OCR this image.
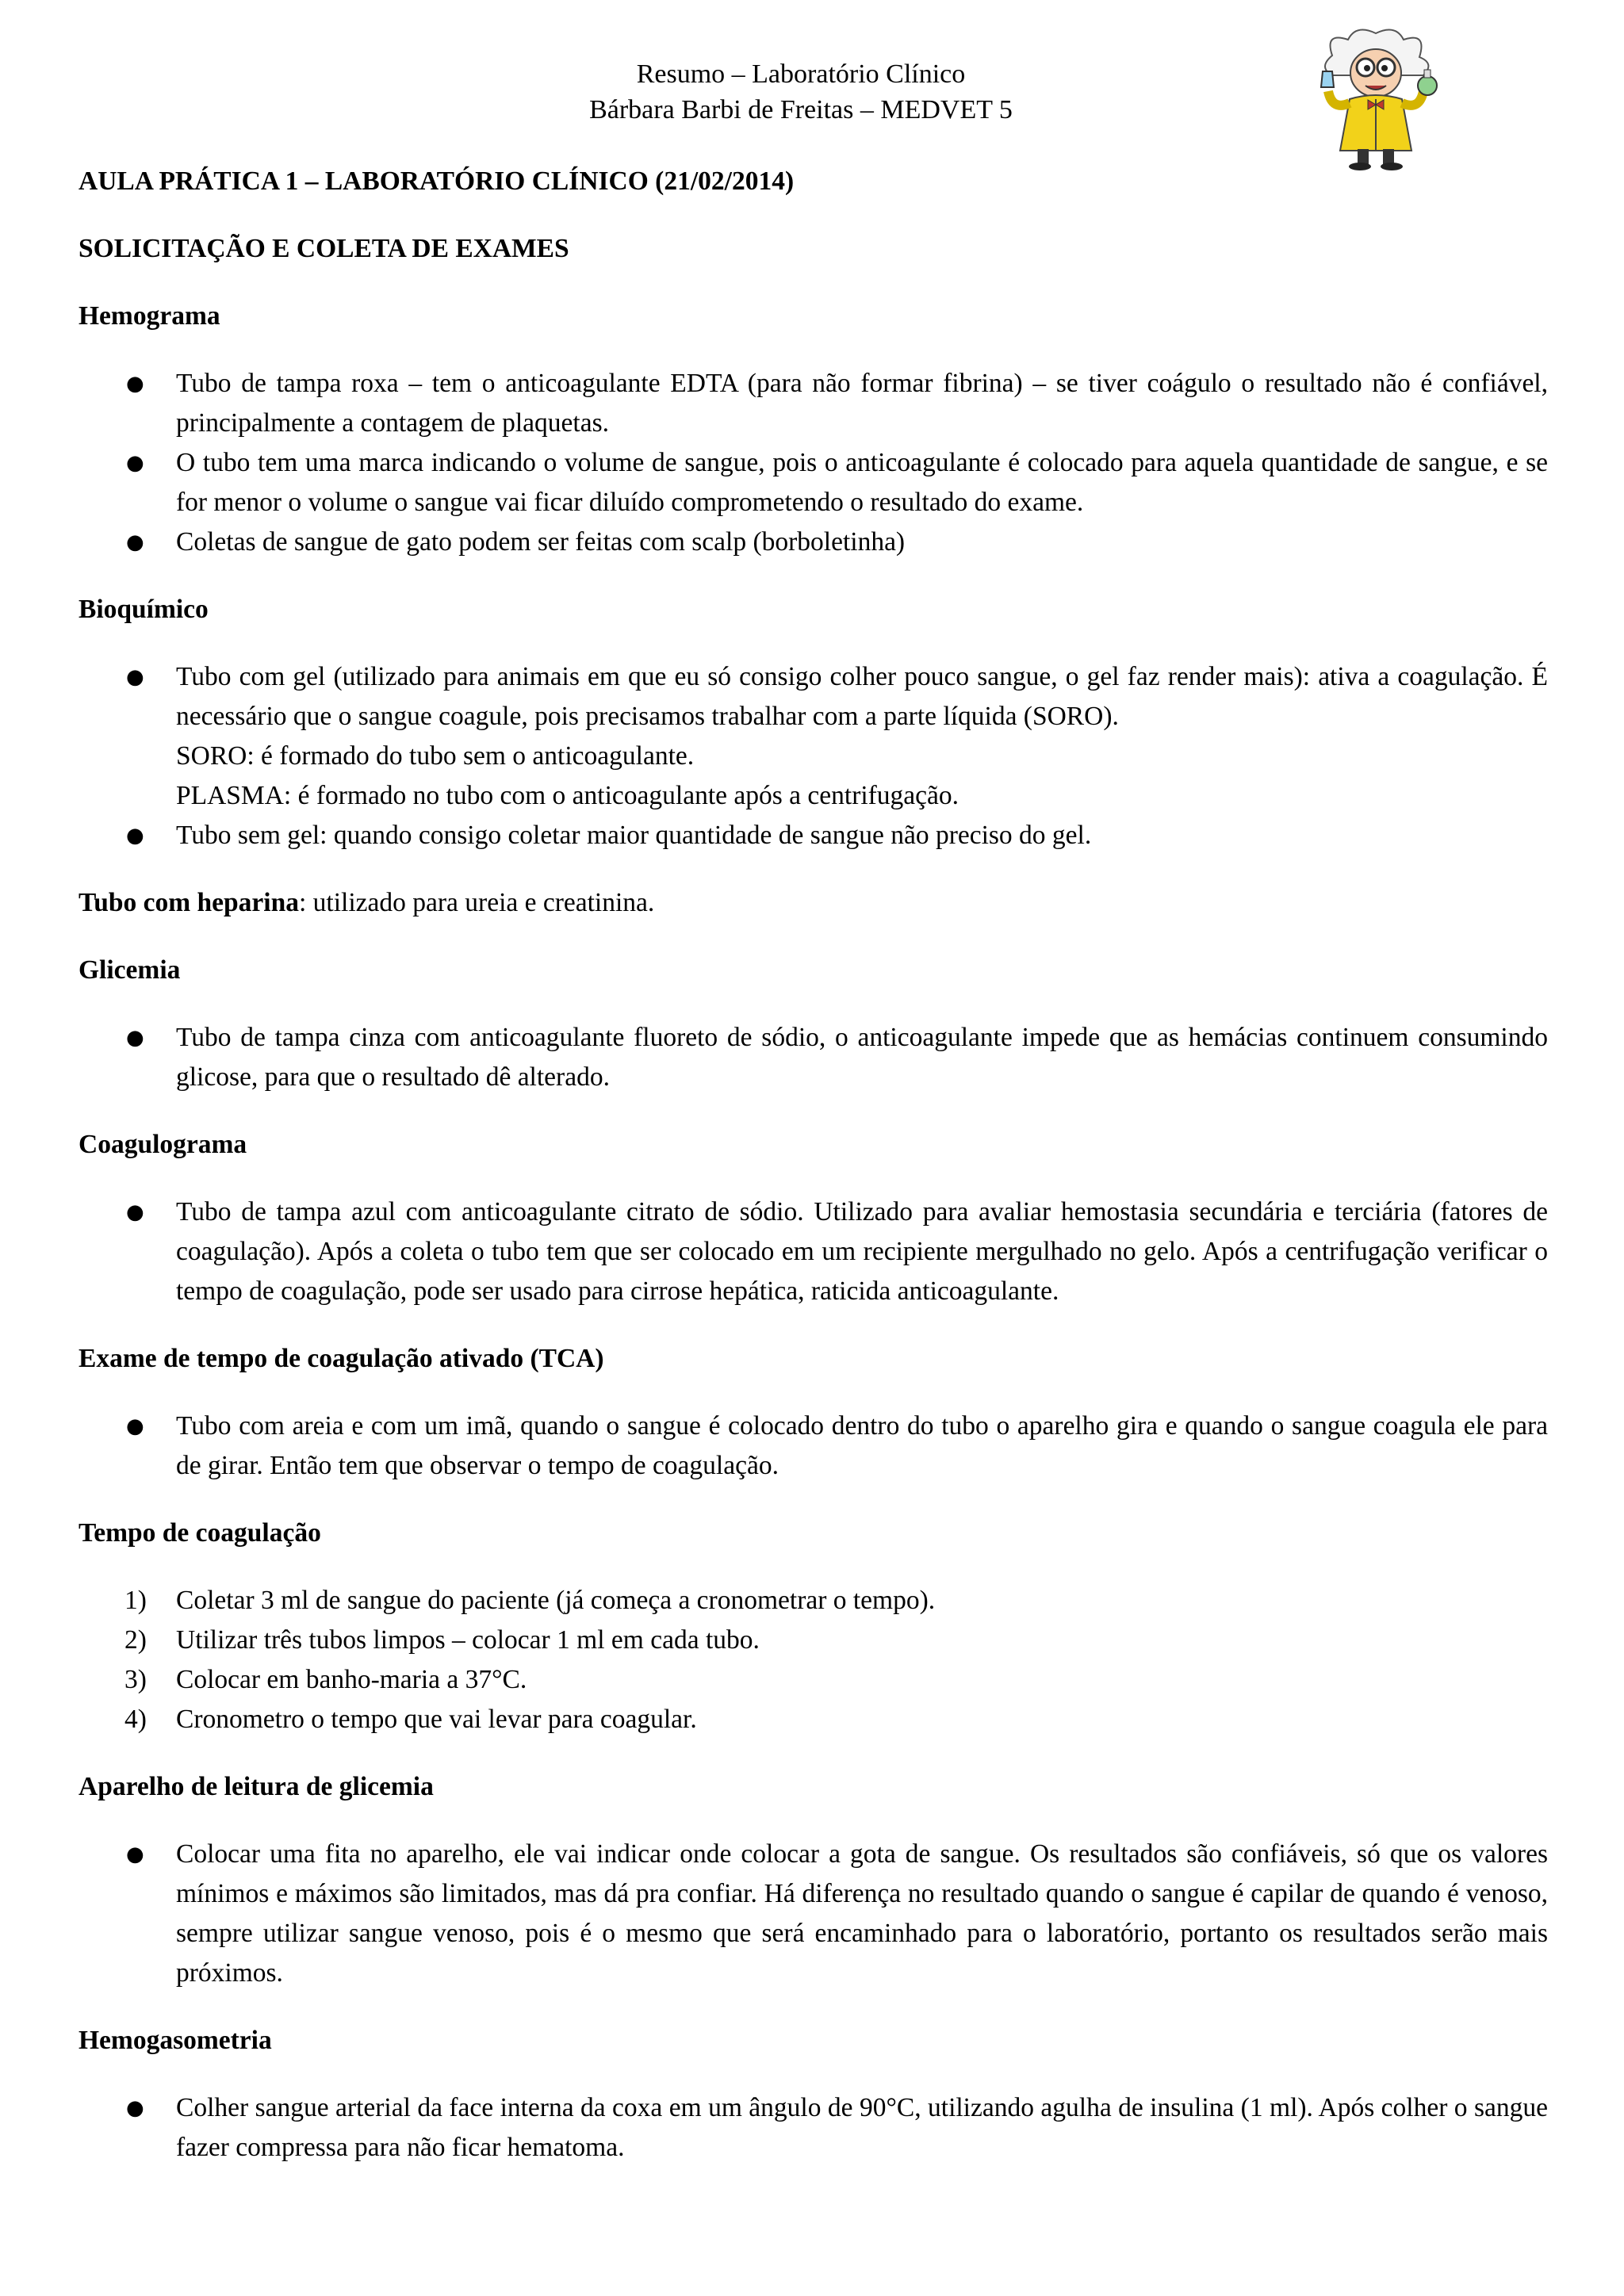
Resumo – Laboratório Clínico
Bárbara Barbi de Freitas – MEDVET 5

AULA PRÁTICA 1 – LABORATÓRIO CLÍNICO (21/02/2014)

SOLICITAÇÃO E COLETA DE EXAMES

Hemograma

● Tubo de tampa roxa – tem o anticoagulante EDTA (para não formar fibrina) – se tiver coágulo o resultado não é confiável, principalmente a contagem de plaquetas.
● O tubo tem uma marca indicando o volume de sangue, pois o anticoagulante é colocado para aquela quantidade de sangue, e se for menor o volume o sangue vai ficar diluído comprometendo o resultado do exame.
● Coletas de sangue de gato podem ser feitas com scalp (borboletinha)

Bioquímico

● Tubo com gel (utilizado para animais em que eu só consigo colher pouco sangue, o gel faz render mais): ativa a coagulação. É necessário que o sangue coagule, pois precisamos trabalhar com a parte líquida (SORO).
SORO: é formado do tubo sem o anticoagulante.
PLASMA: é formado no tubo com o anticoagulante após a centrifugação.
● Tubo sem gel: quando consigo coletar maior quantidade de sangue não preciso do gel.

Tubo com heparina: utilizado para ureia e creatinina.

Glicemia

● Tubo de tampa cinza com anticoagulante fluoreto de sódio, o anticoagulante impede que as hemácias continuem consumindo glicose, para que o resultado dê alterado.

Coagulograma

● Tubo de tampa azul com anticoagulante citrato de sódio. Utilizado para avaliar hemostasia secundária e terciária (fatores de coagulação). Após a coleta o tubo tem que ser colocado em um recipiente mergulhado no gelo. Após a centrifugação verificar o tempo de coagulação, pode ser usado para cirrose hepática, raticida anticoagulante.

Exame de tempo de coagulação ativado (TCA)

● Tubo com areia e com um imã, quando o sangue é colocado dentro do tubo o aparelho gira e quando o sangue coagula ele para de girar. Então tem que observar o tempo de coagulação.

Tempo de coagulação

1)	Coletar 3 ml de sangue do paciente (já começa a cronometrar o tempo).
2)	Utilizar três tubos limpos – colocar 1 ml em cada tubo.
3)	Colocar em banho-maria a 37°C.
4)	Cronometro o tempo que vai levar para coagular.

Aparelho de leitura de glicemia

● Colocar uma fita no aparelho, ele vai indicar onde colocar a gota de sangue. Os resultados são confiáveis, só que os valores mínimos e máximos são limitados, mas dá pra confiar. Há diferença no resultado quando o sangue é capilar de quando é venoso, sempre utilizar sangue venoso, pois é o mesmo que será encaminhado para o laboratório, portanto os resultados serão mais próximos.

Hemogasometria

● Colher sangue arterial da face interna da coxa em um ângulo de 90°C, utilizando agulha de insulina (1 ml). Após colher o sangue fazer compressa para não ficar hematoma.
